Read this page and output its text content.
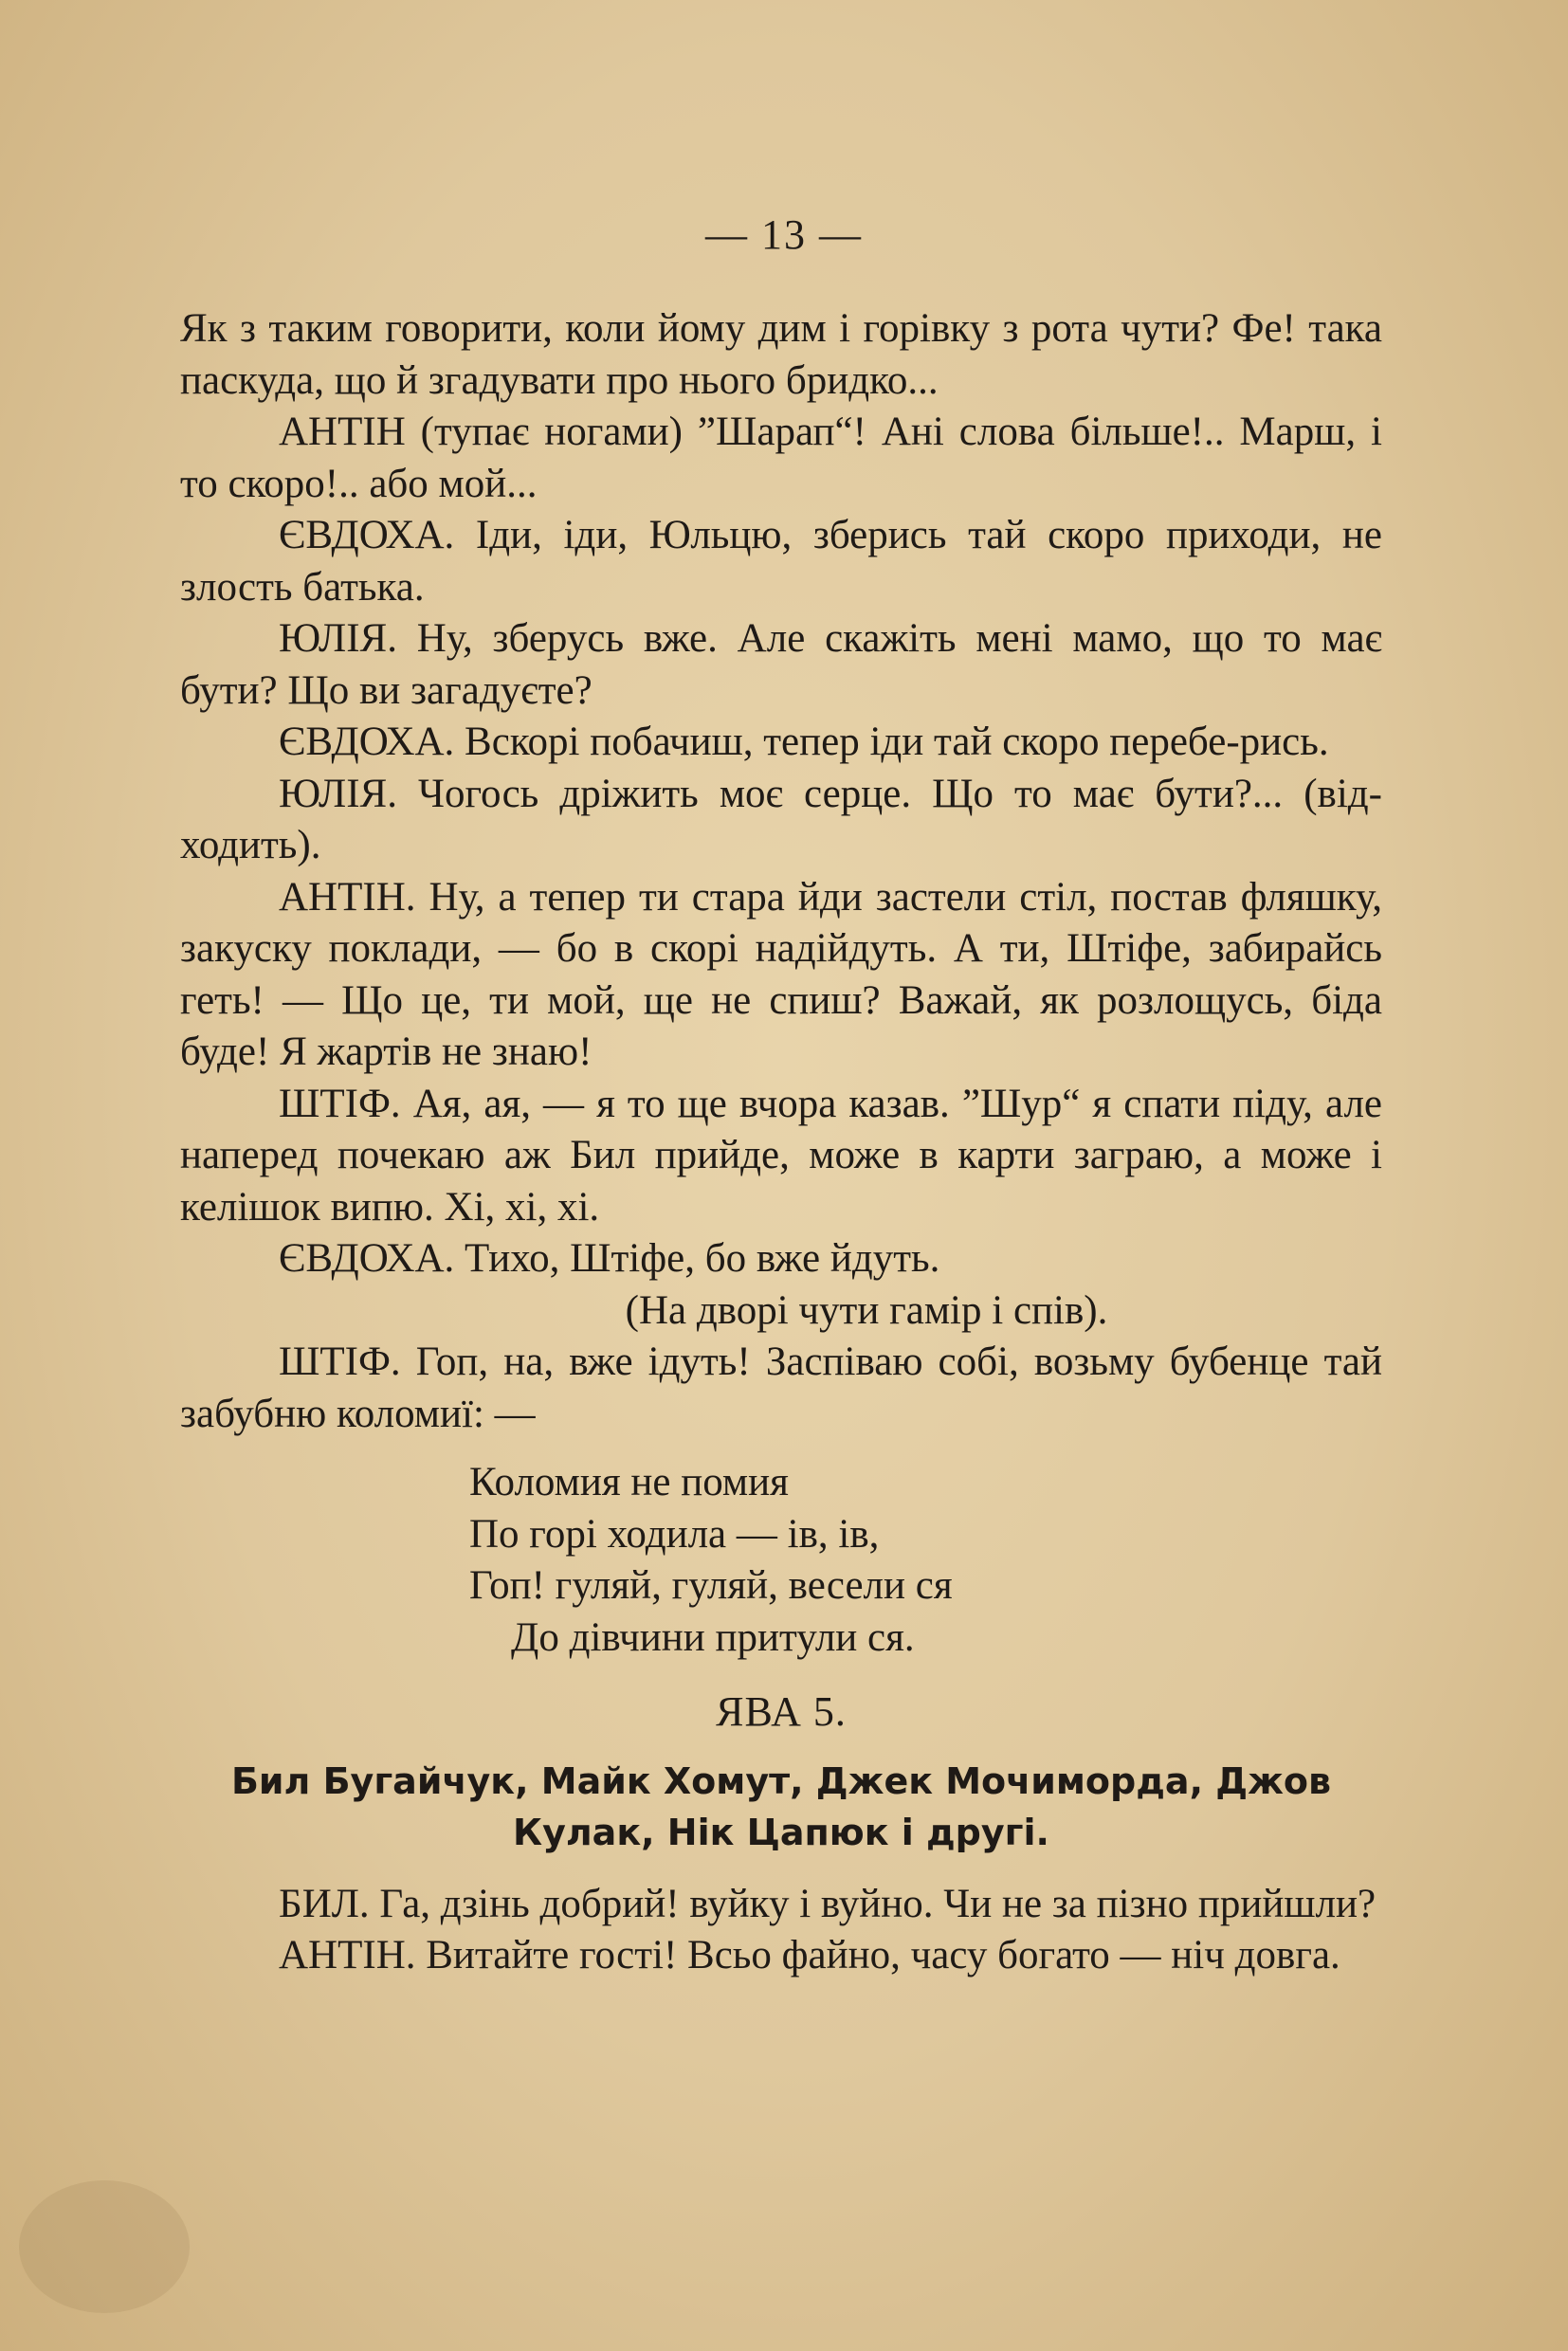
— 13 —

Як з таким говорити, коли йому дим і горівку з рота чути? Фе! така паскуда, що й згадувати про нього бридко...

АНТІН (тупає ногами) ”Шарап“! Ані слова більше!.. Марш, і то скоро!.. або мой...

ЄВДОХА. Іди, іди, Юльцю, зберись тай скоро приходи, не злость батька.

ЮЛІЯ. Ну, зберусь вже. Але скажіть мені мамо, що то має бути? Що ви загадуєте?

ЄВДОХА. Вскорі побачиш, тепер іди тай скоро перебе-рись.

ЮЛІЯ. Чогось дріжить моє серце. Що то має бути?... (від-ходить).

АНТІН. Ну, а тепер ти стара йди застели стіл, постав фляшку, закуску поклади, — бо в скорі надійдуть. А ти, Штіфе, забирайсь геть! — Що це, ти мой, ще не спиш? Важай, як розлощусь, біда буде! Я жартів не знаю!

ШТІФ. Ая, ая, — я то ще вчора казав. ”Шур“ я спати піду, але наперед почекаю аж Бил прийде, може в карти заграю, а може і келішок випю. Хі, хі, хі.

ЄВДОХА. Тихо, Штіфе, бо вже йдуть.

(На дворі чути гамір і спів).

ШТІФ. Гоп, на, вже ідуть! Заспіваю собі, возьму бубенце тай забубню коломиї: —

Коломия не помия
По горі ходила — ів, ів,
Гоп! гуляй, гуляй, весели ся
До дівчини притули ся.
ЯВА 5.
Бил Бугайчук, Майк Хомут, Джек Мочиморда, Джов Кулак, Нік Цапюк і другі.

БИЛ. Га, дзінь добрий! вуйку і вуйно. Чи не за пізно прийшли?

АНТІН. Витайте гості! Всьо файно, часу богато — ніч довга.
